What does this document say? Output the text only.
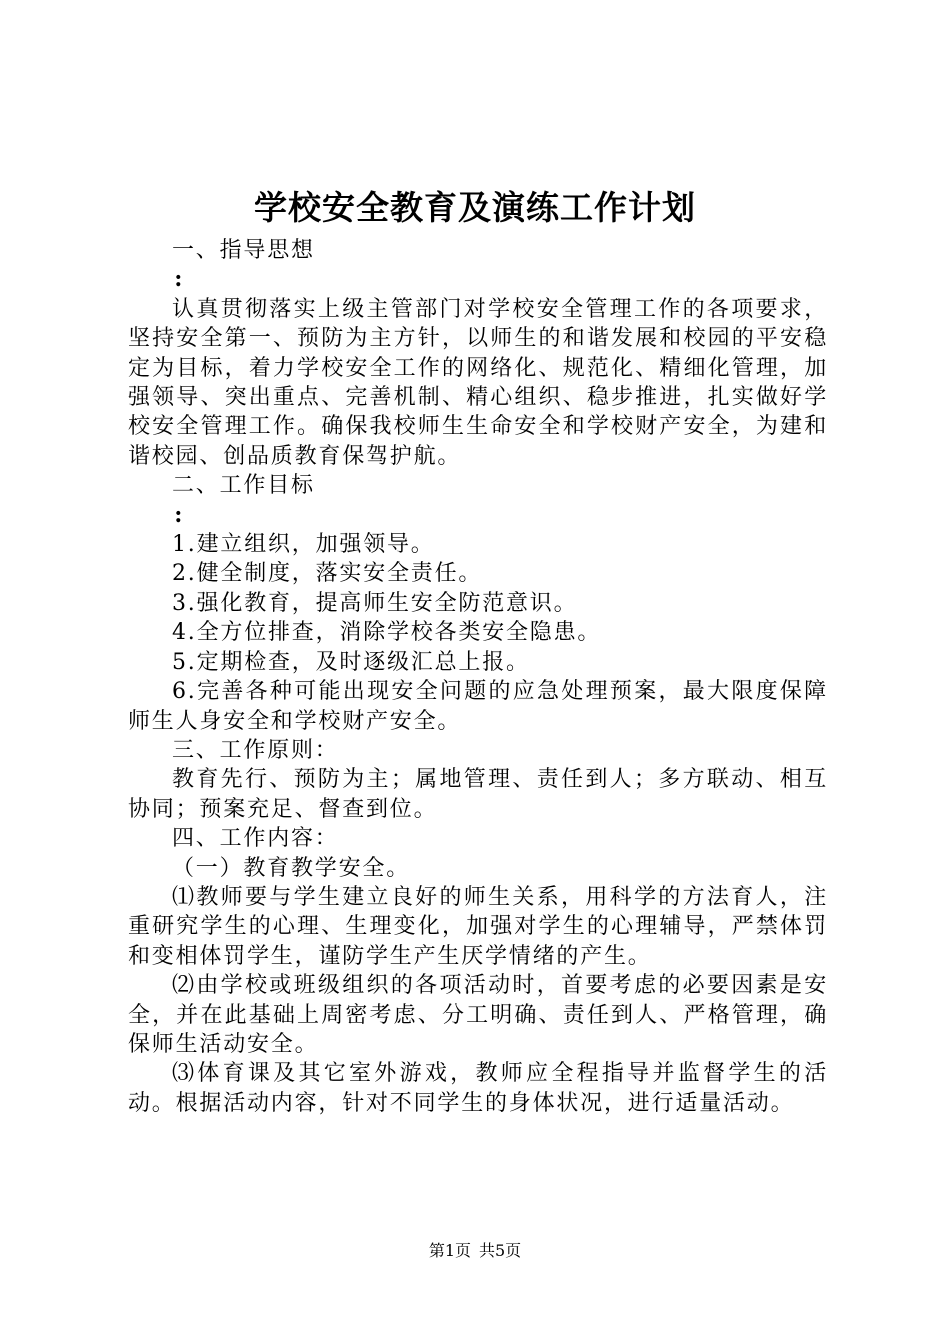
学校安全教育及演练工作计划

一、指导思想

:

认真贯彻落实上级主管部门对学校安全管理工作的各项要求，坚持安全第一、预防为主方针，以师生的和谐发展和校园的平安稳定为目标，着力学校安全工作的网络化、规范化、精细化管理，加强领导、突出重点、完善机制、精心组织、稳步推进，扎实做好学校安全管理工作。确保我校师生生命安全和学校财产安全，为建和谐校园、创品质教育保驾护航。

二、工作目标

:

1.建立组织，加强领导。

2.健全制度，落实安全责任。

3.强化教育，提高师生安全防范意识。

4.全方位排查，消除学校各类安全隐患。

5.定期检查，及时逐级汇总上报。

6.完善各种可能出现安全问题的应急处理预案，最大限度保障师生人身安全和学校财产安全。

三、工作原则：

教育先行、预防为主；属地管理、责任到人；多方联动、相互协同；预案充足、督查到位。

四、工作内容：

（一）教育教学安全。

⑴教师要与学生建立良好的师生关系，用科学的方法育人，注重研究学生的心理、生理变化，加强对学生的心理辅导，严禁体罚和变相体罚学生，谨防学生产生厌学情绪的产生。

⑵由学校或班级组织的各项活动时，首要考虑的必要因素是安全，并在此基础上周密考虑、分工明确、责任到人、严格管理，确保师生活动安全。

⑶体育课及其它室外游戏，教师应全程指导并监督学生的活动。根据活动内容，针对不同学生的身体状况，进行适量活动。

第1页 共5页
